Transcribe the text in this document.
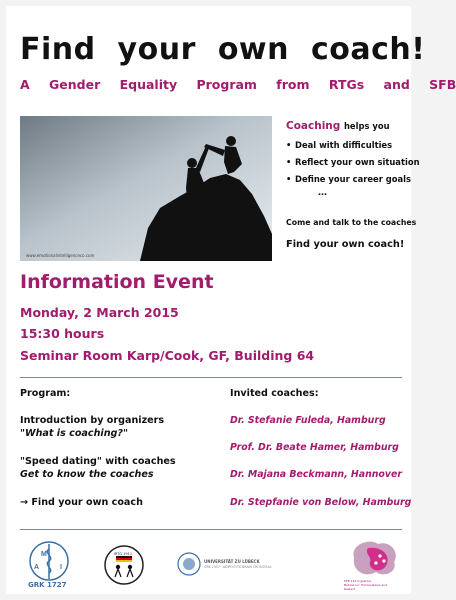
Find your own coach!
A Gender Equality Program from RTGs and SFB
www.emotionalintelligenceco.com
Coaching helps you
• Deal with difficulties
• Reflect your own situation
• Define your career goals
…
Come and talk to the coaches
Find your own coach!
Information Event
Monday, 2 March 2015
15:30 hours
Seminar Room Karp/Cook, GF, Building 64
Program:
Introduction by organizers
"What is coaching?"
"Speed dating" with coaches
Get to know the coaches
→ Find your own coach
Invited coaches:
Dr. Stefanie Fuleda, Hamburg
Prof. Dr. Beate Hamer, Hamburg
Dr. Majana Beckmann, Hannover
Dr. Stepfanie von Below, Hamburg
M
A	I
GRK 1727
IRTG 1911
UNIVERSITÄT ZU LÜBECK
GRK 1957 · ADIPOCYTE-BRAIN CROSSTALK
SFB 134 Ingestive Behaviour: Homeostasis and Reward
